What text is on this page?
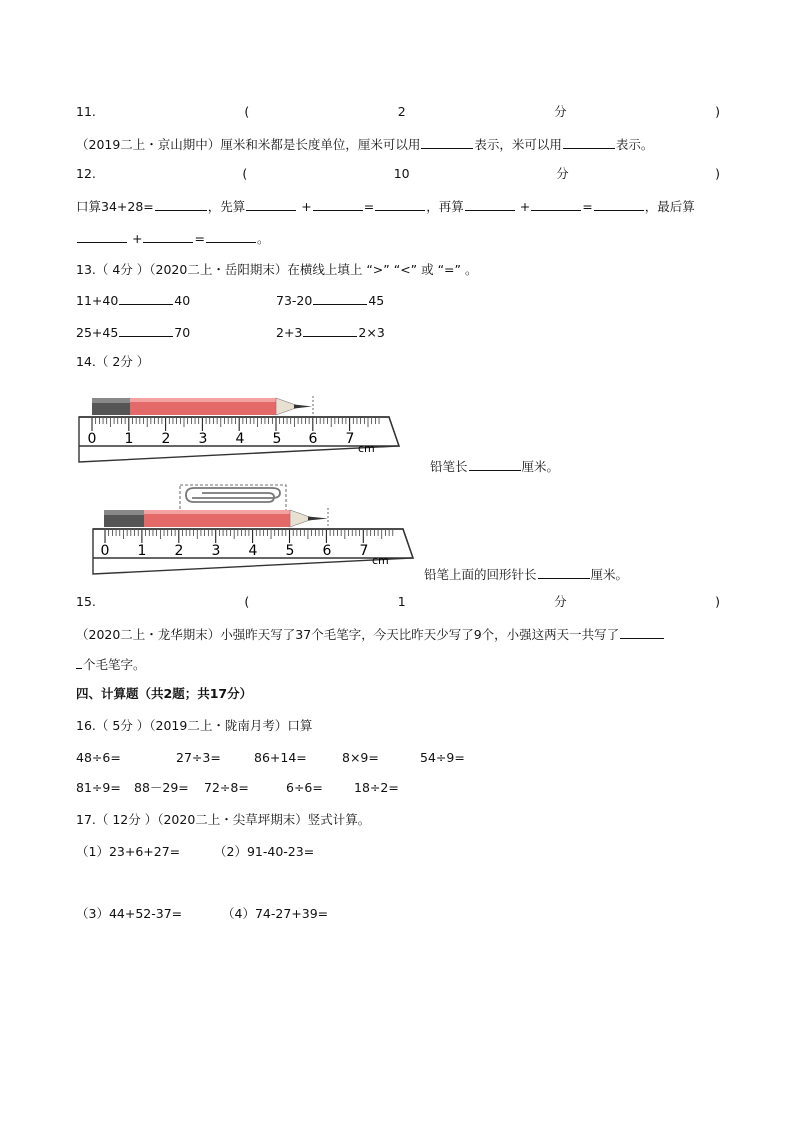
11.	(	2	分	)
（2019二上・京山期中）厘米和米都是长度单位，厘米可以用	表示，米可以用	表示。
12.	(	10	分	)
口算34+28=	，先算	+	=	，再算	+	=	，最后算
+	=	。
13.（ 4分 ）（2020二上・岳阳期末）在横线上填上 “>” “<” 或 “=” 。
11+40	40	73-20	45
25+45	70	2+3	2×3
14.（ 2分 ）
0 1 2 3 4 5 6 7
cm
铅笔长	厘米。
0 1 2 3 4 5 6 7
cm
铅笔上面的回形针长	厘米。
15.	(	1	分	)
（2020二上・龙华期末）小强昨天写了37个毛笔字，今天比昨天少写了9个，小强这两天一共写了
个毛笔字。
四、计算题（共2题；共17分）
16.（ 5分 ）（2019二上・陇南月考）口算
48÷6=	27÷3=	86+14=	8×9=	54÷9=
81÷9= 88－29= 72÷8=	6÷6= 18÷2=
17.（ 12分 ）（2020二上・尖草坪期末）竖式计算。
（1）23+6+27=	（2）91-40-23=
（3）44+52-37=	（4）74-27+39=
